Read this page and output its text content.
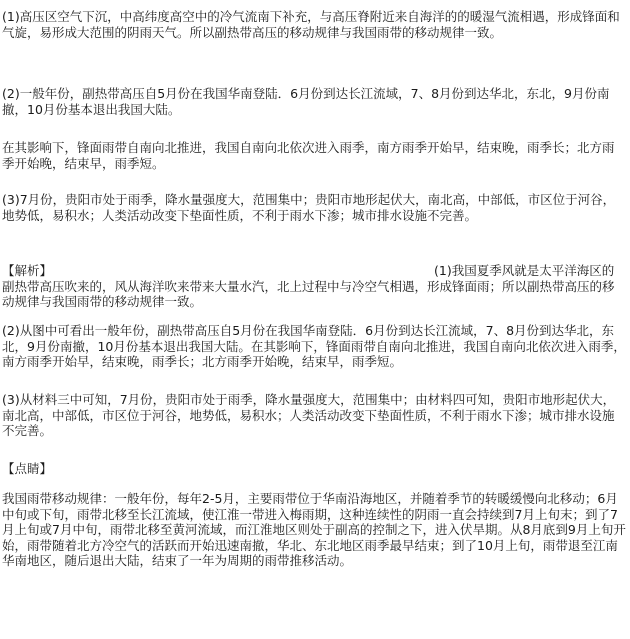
(1)高压区空气下沉，中高纬度高空中的冷气流南下补充，与高压脊附近来自海洋的的暖湿气流相遇，形成锋面和气旋，易形成大范围的阴雨天气。所以副热带高压的移动规律与我国雨带的移动规律一致。

(2)一般年份，副热带高压自5月份在我国华南登陆．6月份到达长江流域，7、8月份到达华北，东北，9月份南撤，10月份基本退出我国大陆。

在其影响下，锋面雨带自南向北推进，我国自南向北依次进入雨季，南方雨季开始早，结束晚，雨季长；北方雨季开始晚，结束早，雨季短。

(3)7月份，贵阳市处于雨季，降水量强度大，范围集中；贵阳市地形起伏大，南北高，中部低，市区位于河谷，地势低，易积水；人类活动改变下垫面性质，不利于雨水下渗；城市排水设施不完善。

【解析】	(1)我国夏季风就是太平洋海区的副热带高压吹来的，风从海洋吹来带来大量水汽，北上过程中与冷空气相遇，形成锋面雨；所以副热带高压的移动规律与我国雨带的移动规律一致。

(2)从图中可看出一般年份，副热带高压自5月份在我国华南登陆．6月份到达长江流域，7、8月份到达华北，东北，9月份南撤，10月份基本退出我国大陆。在其影响下，锋面雨带自南向北推进，我国自南向北依次进入雨季，南方雨季开始早，结束晚，雨季长；北方雨季开始晚，结束早，雨季短。

(3)从材料三中可知，7月份，贵阳市处于雨季，降水量强度大，范围集中；由材料四可知，贵阳市地形起伏大，南北高，中部低，市区位于河谷，地势低，易积水；人类活动改变下垫面性质，不利于雨水下渗；城市排水设施不完善。

【点睛】

我国雨带移动规律：一般年份，每年2-5月，主要雨带位于华南沿海地区，并随着季节的转暖缓慢向北移动；6月中旬或下旬，雨带北移至长江流域，使江淮一带进入梅雨期，这种连续性的阴雨一直会持续到7月上旬末；到了7月上旬或7月中旬，雨带北移至黄河流域，而江淮地区则处于副高的控制之下，进入伏旱期。从8月底到9月上旬开始，雨带随着北方冷空气的活跃而开始迅速南撤，华北、东北地区雨季最早结束；到了10月上旬，雨带退至江南华南地区，随后退出大陆，结束了一年为周期的雨带推移活动。
